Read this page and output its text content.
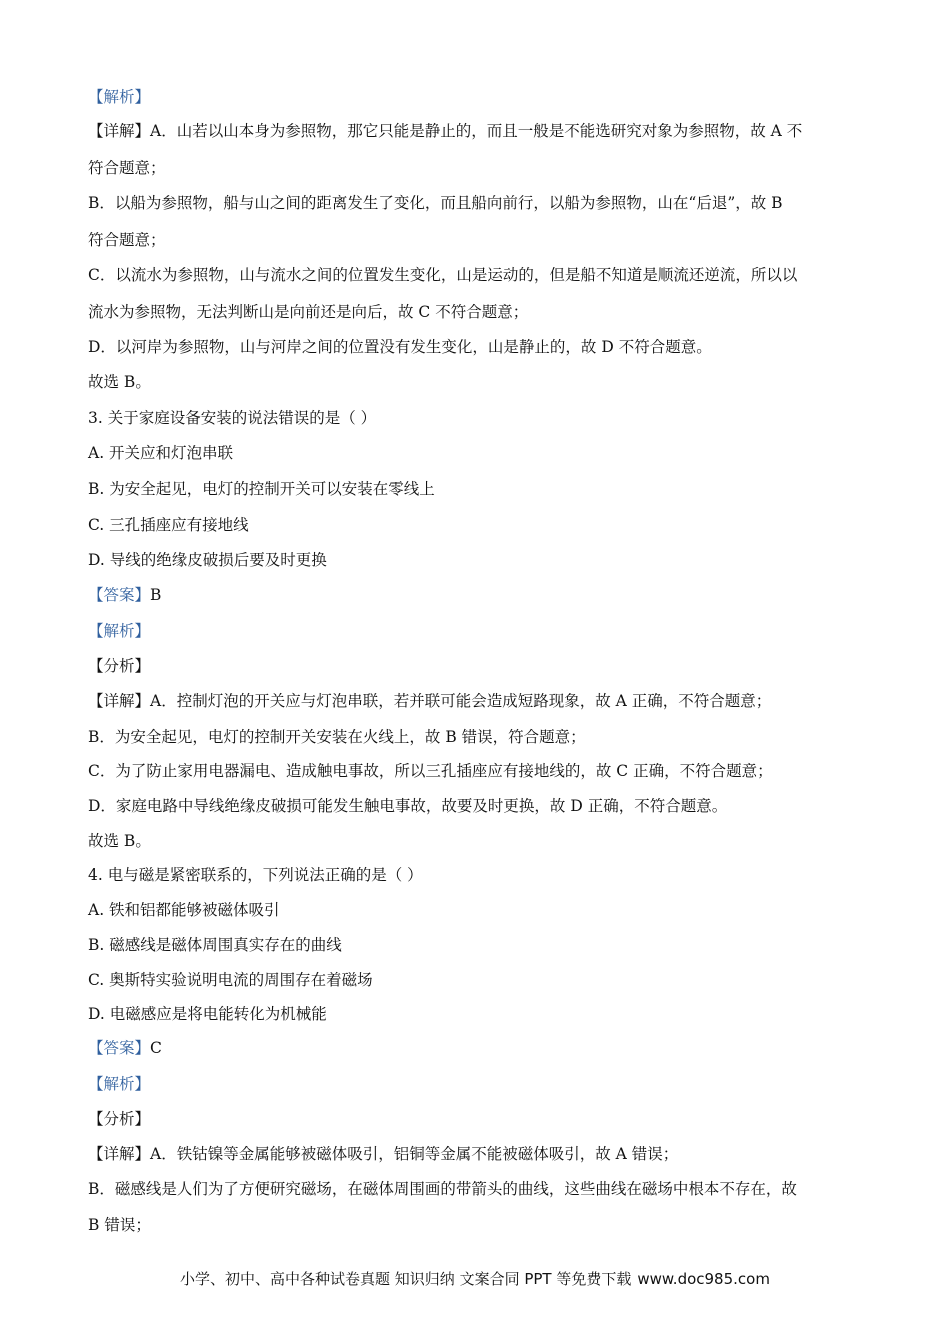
【解析】
【详解】A．山若以山本身为参照物，那它只能是静止的，而且一般是不能选研究对象为参照物，故 A 不
符合题意；
B．以船为参照物，船与山之间的距离发生了变化，而且船向前行，以船为参照物，山在“后退”，故 B
符合题意；
C．以流水为参照物，山与流水之间的位置发生变化，山是运动的，但是船不知道是顺流还逆流，所以以
流水为参照物，无法判断山是向前还是向后，故 C 不符合题意；
D．以河岸为参照物，山与河岸之间的位置没有发生变化，山是静止的，故 D 不符合题意。
故选 B。
3. 关于家庭设备安装的说法错误的是（ ）
A. 开关应和灯泡串联
B. 为安全起见，电灯的控制开关可以安装在零线上
C. 三孔插座应有接地线
D. 导线的绝缘皮破损后要及时更换
【答案】B
【解析】
【分析】
【详解】A．控制灯泡的开关应与灯泡串联，若并联可能会造成短路现象，故 A 正确，不符合题意；
B．为安全起见，电灯的控制开关安装在火线上，故 B 错误，符合题意；
C．为了防止家用电器漏电、造成触电事故，所以三孔插座应有接地线的，故 C 正确，不符合题意；
D．家庭电路中导线绝缘皮破损可能发生触电事故，故要及时更换，故 D 正确，不符合题意。
故选 B。
4. 电与磁是紧密联系的，下列说法正确的是（ ）
A. 铁和铝都能够被磁体吸引
B. 磁感线是磁体周围真实存在的曲线
C. 奥斯特实验说明电流的周围存在着磁场
D. 电磁感应是将电能转化为机械能
【答案】C
【解析】
【分析】
【详解】A．铁钴镍等金属能够被磁体吸引，铝铜等金属不能被磁体吸引，故 A 错误；
B．磁感线是人们为了方便研究磁场，在磁体周围画的带箭头的曲线，这些曲线在磁场中根本不存在，故
B 错误；
小学、初中、高中各种试卷真题 知识归纳 文案合同 PPT 等免费下载 www.doc985.com
